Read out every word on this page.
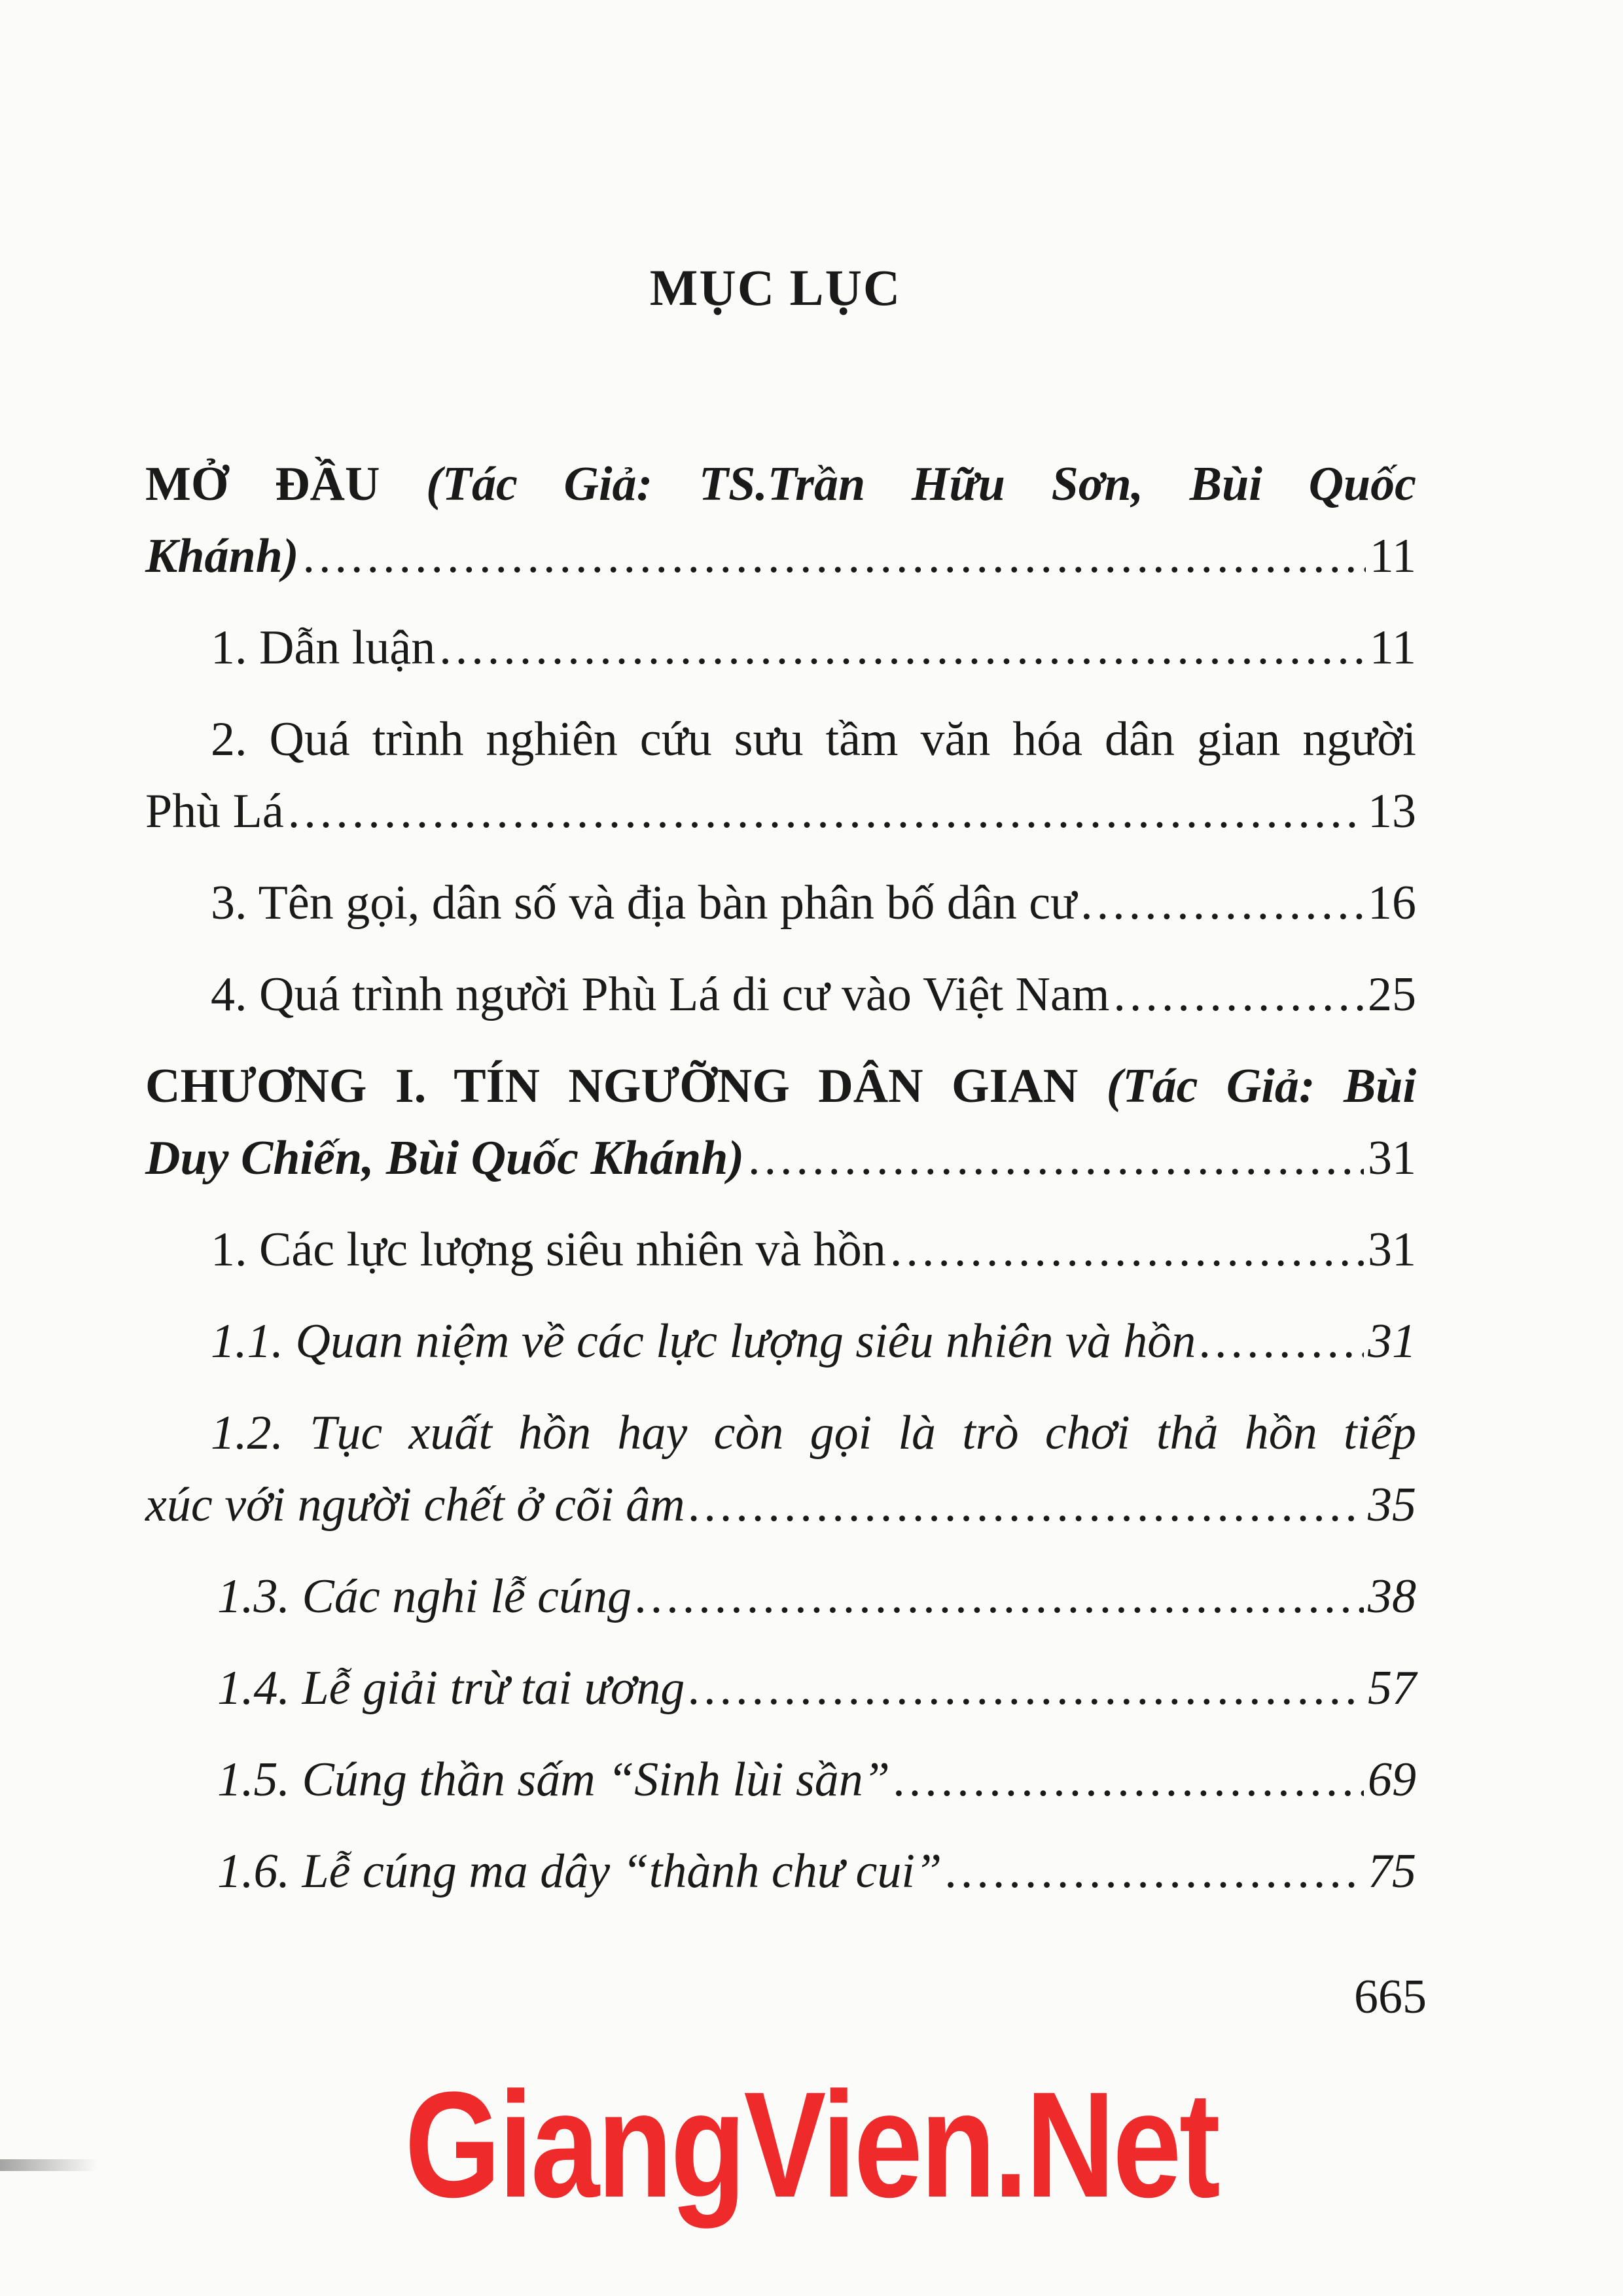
MỤC LỤC
MỞ ĐẦU (Tác Giả: TS.Trần Hữu Sơn, Bùi Quốc
Khánh) .....	11
1. Dẫn luận .....	11
2. Quá trình nghiên cứu sưu tầm văn hóa dân gian người
Phù Lá .....	13
3. Tên gọi, dân số và địa bàn phân bố dân cư .....	16
4. Quá trình người Phù Lá di cư vào Việt Nam .....	25
CHƯƠNG I. TÍN NGƯỠNG DÂN GIAN (Tác Giả: Bùi
Duy Chiến, Bùi Quốc Khánh) .....	31
1. Các lực lượng siêu nhiên và hồn .....	31
1.1. Quan niệm về các lực lượng siêu nhiên và hồn .....	31
1.2. Tục xuất hồn hay còn gọi là trò chơi thả hồn tiếp
xúc với người chết ở cõi âm .....	35
1.3. Các nghi lễ cúng .....	38
1.4. Lễ giải trừ tai ương .....	57
1.5. Cúng thần sấm “Sinh lùi sần” .....	69
1.6. Lễ cúng ma dây “thành chư cui” .....	75
665
GiangVien.Net
